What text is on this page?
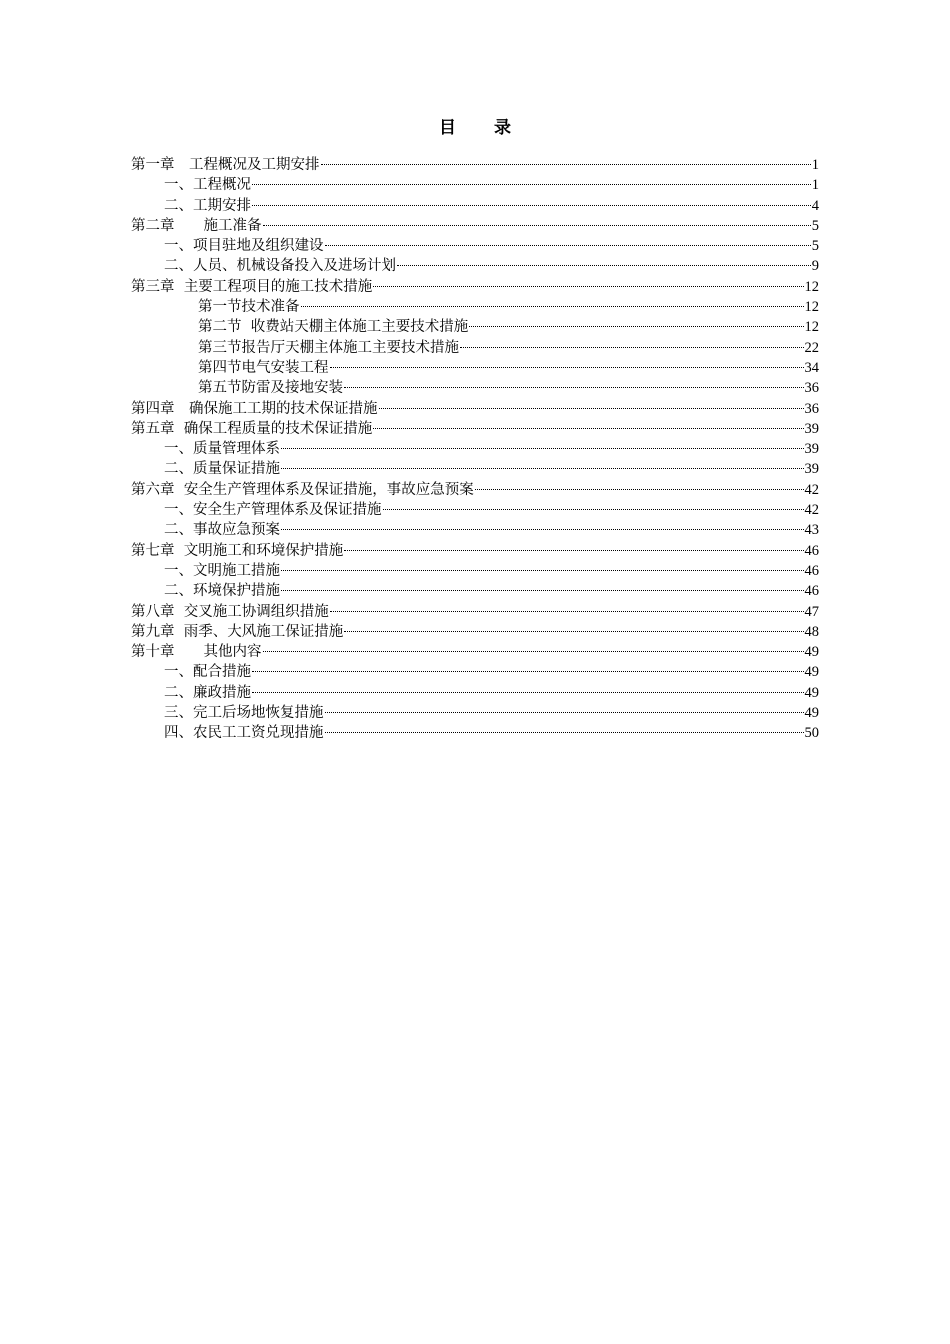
目 录
第一章　工程概况及工期安排	1
一、工程概况	1
二、工期安排	4
第二章　　施工准备	5
一、项目驻地及组织建设	5
二、人员、机械设备投入及进场计划	9
第三章  主要工程项目的施工技术措施	12
第一节技术准备	12
第二节  收费站天棚主体施工主要技术措施	12
第三节报告厅天棚主体施工主要技术措施	22
第四节电气安装工程	34
第五节防雷及接地安装	36
第四章　确保施工工期的技术保证措施	36
第五章  确保工程质量的技术保证措施	39
一、质量管理体系	39
二、质量保证措施	39
第六章  安全生产管理体系及保证措施，事故应急预案	42
一、安全生产管理体系及保证措施	42
二、事故应急预案	43
第七章  文明施工和环境保护措施	46
一、文明施工措施	46
二、环境保护措施	46
第八章  交叉施工协调组织措施	47
第九章  雨季、大风施工保证措施	48
第十章　　其他内容	49
一、配合措施	49
二、廉政措施	49
三、完工后场地恢复措施	49
四、农民工工资兑现措施	50
